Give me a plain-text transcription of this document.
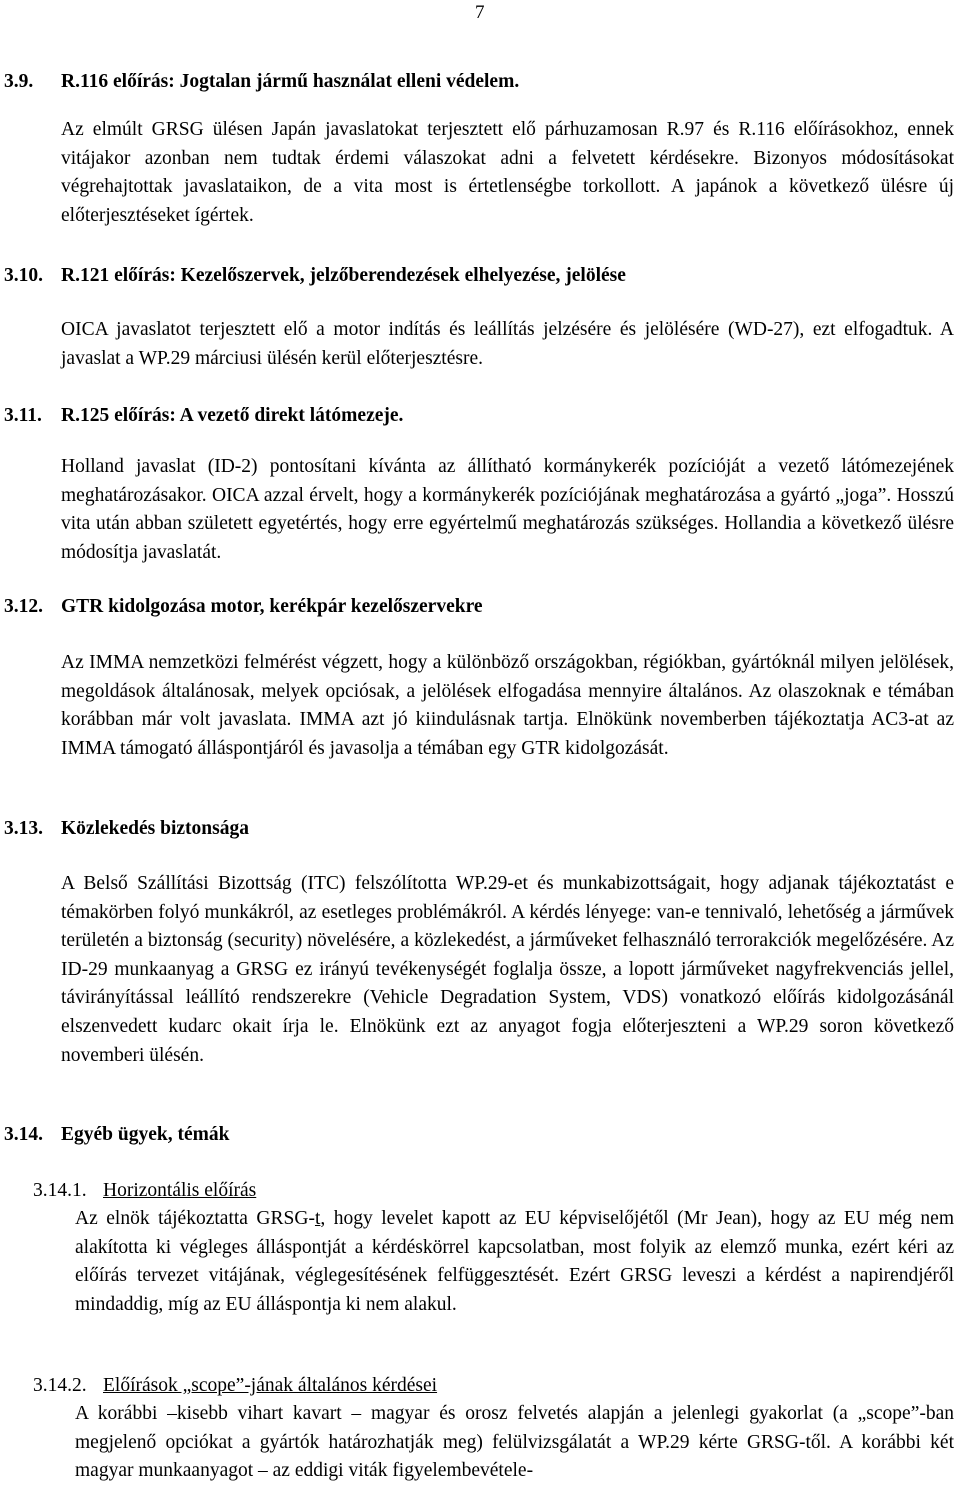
7
3.9. R.116 előírás: Jogtalan jármű használat elleni védelem.
Az elmúlt GRSG ülésen Japán javaslatokat terjesztett elő párhuzamosan R.97 és R.116 előírásokhoz, ennek vitájakor azonban nem tudtak érdemi válaszokat adni a felvetett kérdésekre. Bizonyos módosításokat végrehajtottak javaslataikon, de a vita most is értetlenségbe torkollott. A japánok a következő ülésre új előterjesztéseket ígértek.
3.10. R.121 előírás: Kezelőszervek, jelzőberendezések elhelyezése, jelölése
OICA javaslatot terjesztett elő a motor indítás és leállítás jelzésére és jelölésére (WD-27), ezt elfogadtuk. A javaslat a WP.29 márciusi ülésén kerül előterjesztésre.
3.11. R.125 előírás: A vezető direkt látómezeje.
Holland javaslat (ID-2) pontosítani kívánta az állítható kormánykerék pozícióját a vezető látómezejének meghatározásakor. OICA azzal érvelt, hogy a kormánykerék pozíciójának meghatározása a gyártó „joga”. Hosszú vita után abban született egyetértés, hogy erre egyértelmű meghatározás szükséges. Hollandia a következő ülésre módosítja javaslatát.
3.12. GTR kidolgozása motor, kerékpár kezelőszervekre
Az IMMA nemzetközi felmérést végzett, hogy a különböző országokban, régiókban, gyártóknál milyen jelölések, megoldások általánosak, melyek opciósak, a jelölések elfogadása mennyire általános. Az olaszoknak e témában korábban már volt javaslata. IMMA azt jó kiindulásnak tartja. Elnökünk novemberben tájékoztatja AC3-at az IMMA támogató álláspontjáról és javasolja a témában egy GTR kidolgozását.
3.13. Közlekedés biztonsága
A Belső Szállítási Bizottság (ITC) felszólította WP.29-et és munkabizottságait, hogy adjanak tájékoztatást e témakörben folyó munkákról, az esetleges problémákról. A kérdés lényege: van-e tennivaló, lehetőség a járművek területén a biztonság (security) növelésére, a közlekedést, a járműveket felhasználó terrorakciók megelőzésére. Az ID-29 munkaanyag a GRSG ez irányú tevékenységét foglalja össze, a lopott járműveket nagyfrekvenciás jellel, távirányítással leállító rendszerekre (Vehicle Degradation System, VDS) vonatkozó előírás kidolgozásánál elszenvedett kudarc okait írja le. Elnökünk ezt az anyagot fogja előterjeszteni a WP.29 soron következő novemberi ülésén.
3.14. Egyéb ügyek, témák
3.14.1. Horizontális előírás
Az elnök tájékoztatta GRSG-t, hogy levelet kapott az EU képviselőjétől (Mr Jean), hogy az EU még nem alakította ki végleges álláspontját a kérdéskörrel kapcsolatban, most folyik az elemző munka, ezért kéri az előírás tervezet vitájának, véglegesítésének felfüggesztését. Ezért GRSG leveszi a kérdést a napirendjéről mindaddig, míg az EU álláspontja ki nem alakul.
3.14.2. Előírások „scope”-jának általános kérdései
A korábbi –kisebb vihart kavart – magyar és orosz felvetés alapján a jelenlegi gyakorlat (a „scope”-ban megjelenő opciókat a gyártók határozhatják meg) felülvizsgálatát a WP.29 kérte GRSG-től. A korábbi két magyar munkaanyagot – az eddigi viták figyelembevétele-
